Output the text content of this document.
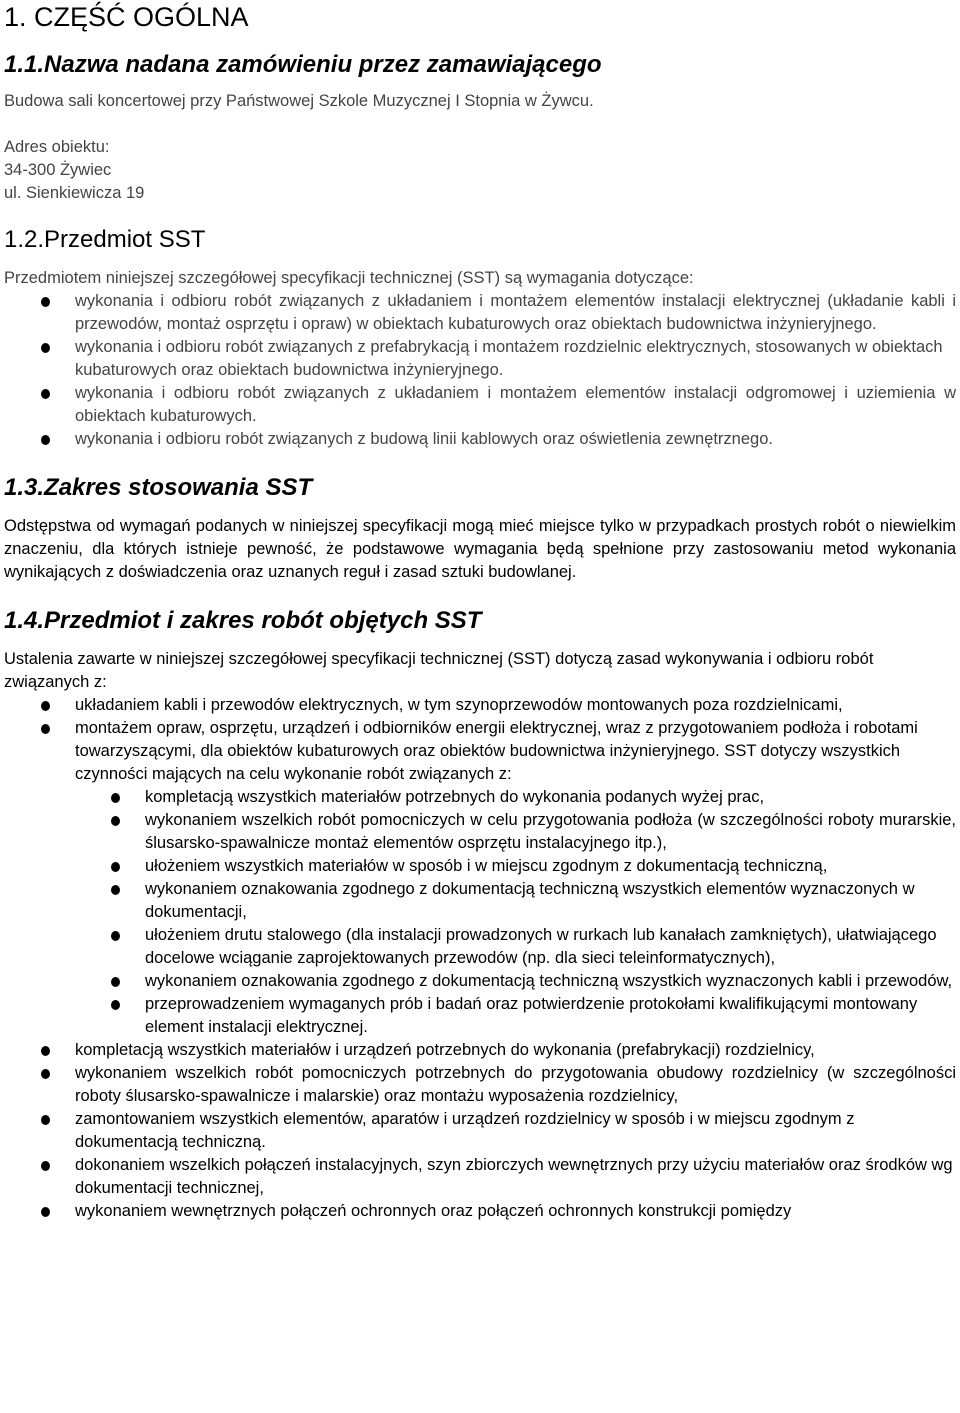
1. CZĘŚĆ OGÓLNA
1.1.Nazwa nadana zamówieniu przez zamawiającego

Budowa sali koncertowej przy Państwowej Szkole Muzycznej I Stopnia w Żywcu.

Adres obiektu:

34-300 Żywiec

ul. Sienkiewicza 19

1.2.Przedmiot SST

Przedmiotem niniejszej szczegółowej specyfikacji technicznej (SST) są wymagania dotyczące:

wykonania i odbioru robót związanych z układaniem i montażem elementów instalacji elektrycznej (układanie kabli i przewodów, montaż osprzętu i opraw) w obiektach kubaturowych oraz obiektach budownictwa inżynieryjnego.
wykonania i odbioru robót związanych z prefabrykacją i montażem rozdzielnic elektrycznych, stosowanych w obiektach kubaturowych oraz obiektach budownictwa inżynieryjnego.
wykonania i odbioru robót związanych z układaniem i montażem elementów instalacji odgromowej i uziemienia w obiektach kubaturowych.
wykonania i odbioru robót związanych z budową linii kablowych oraz oświetlenia zewnętrznego.
1.3.Zakres stosowania SST

Odstępstwa od wymagań podanych w niniejszej specyfikacji mogą mieć miejsce tylko w przypadkach prostych robót o niewielkim znaczeniu, dla których istnieje pewność, że podstawowe wymagania będą spełnione przy zastosowaniu metod wykonania wynikających z doświadczenia oraz uznanych reguł i zasad sztuki budowlanej.

1.4.Przedmiot i zakres robót objętych SST

Ustalenia zawarte w niniejszej szczegółowej specyfikacji technicznej (SST) dotyczą zasad wykonywania i odbioru robót związanych z:

układaniem kabli i przewodów elektrycznych, w tym szynoprzewodów montowanych poza rozdzielnicami,
montażem opraw, osprzętu, urządzeń i odbiorników energii elektrycznej, wraz z przygotowaniem podłoża i robotami towarzyszącymi, dla obiektów kubaturowych oraz obiektów budownictwa inżynieryjnego. SST dotyczy wszystkich czynności mających na celu wykonanie robót związanych z:
kompletacją wszystkich materiałów potrzebnych do wykonania podanych wyżej prac,
wykonaniem wszelkich robót pomocniczych w celu przygotowania podłoża (w szczególności roboty murarskie, ślusarsko-spawalnicze montaż elementów osprzętu instalacyjnego itp.),
ułożeniem wszystkich materiałów w sposób i w miejscu zgodnym z dokumentacją techniczną,
wykonaniem oznakowania zgodnego z dokumentacją techniczną wszystkich elementów wyznaczonych w dokumentacji,
ułożeniem drutu stalowego (dla instalacji prowadzonych w rurkach lub kanałach zamkniętych), ułatwiającego docelowe wciąganie zaprojektowanych przewodów (np. dla sieci teleinformatycznych),
wykonaniem oznakowania zgodnego z dokumentacją techniczną wszystkich wyznaczonych kabli i przewodów,
przeprowadzeniem wymaganych prób i badań oraz potwierdzenie protokołami kwalifikującymi montowany element instalacji elektrycznej.
kompletacją wszystkich materiałów i urządzeń potrzebnych do wykonania (prefabrykacji) rozdzielnicy,
wykonaniem wszelkich robót pomocniczych potrzebnych do przygotowania obudowy rozdzielnicy (w szczególności roboty ślusarsko-spawalnicze i malarskie) oraz montażu wyposażenia rozdzielnicy,
zamontowaniem wszystkich elementów, aparatów i urządzeń rozdzielnicy w sposób i w miejscu zgodnym z dokumentacją techniczną.
dokonaniem wszelkich połączeń instalacyjnych, szyn zbiorczych wewnętrznych przy użyciu materiałów oraz środków wg dokumentacji technicznej,
wykonaniem wewnętrznych połączeń ochronnych oraz połączeń ochronnych konstrukcji pomiędzy
